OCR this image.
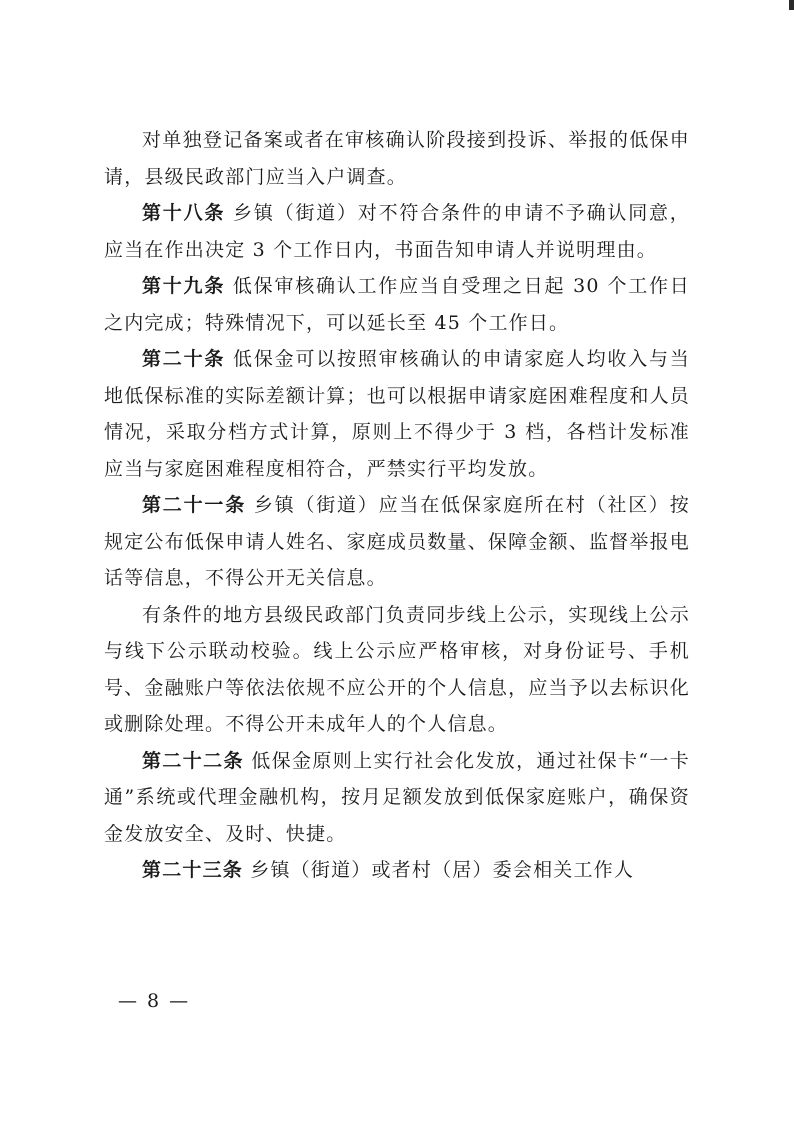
对单独登记备案或者在审核确认阶段接到投诉、举报的低保申请，县级民政部门应当入户调查。

第十八条 乡镇（街道）对不符合条件的申请不予确认同意，应当在作出决定 3 个工作日内，书面告知申请人并说明理由。

第十九条 低保审核确认工作应当自受理之日起 30 个工作日之内完成；特殊情况下，可以延长至 45 个工作日。

第二十条 低保金可以按照审核确认的申请家庭人均收入与当地低保标准的实际差额计算；也可以根据申请家庭困难程度和人员情况，采取分档方式计算，原则上不得少于 3 档，各档计发标准应当与家庭困难程度相符合，严禁实行平均发放。

第二十一条 乡镇（街道）应当在低保家庭所在村（社区）按规定公布低保申请人姓名、家庭成员数量、保障金额、监督举报电话等信息，不得公开无关信息。

有条件的地方县级民政部门负责同步线上公示，实现线上公示与线下公示联动校验。线上公示应严格审核，对身份证号、手机号、金融账户等依法依规不应公开的个人信息，应当予以去标识化或删除处理。不得公开未成年人的个人信息。

第二十二条 低保金原则上实行社会化发放，通过社保卡“一卡通”系统或代理金融机构，按月足额发放到低保家庭账户，确保资金发放安全、及时、快捷。

第二十三条 乡镇（街道）或者村（居）委会相关工作人

— 8 —
